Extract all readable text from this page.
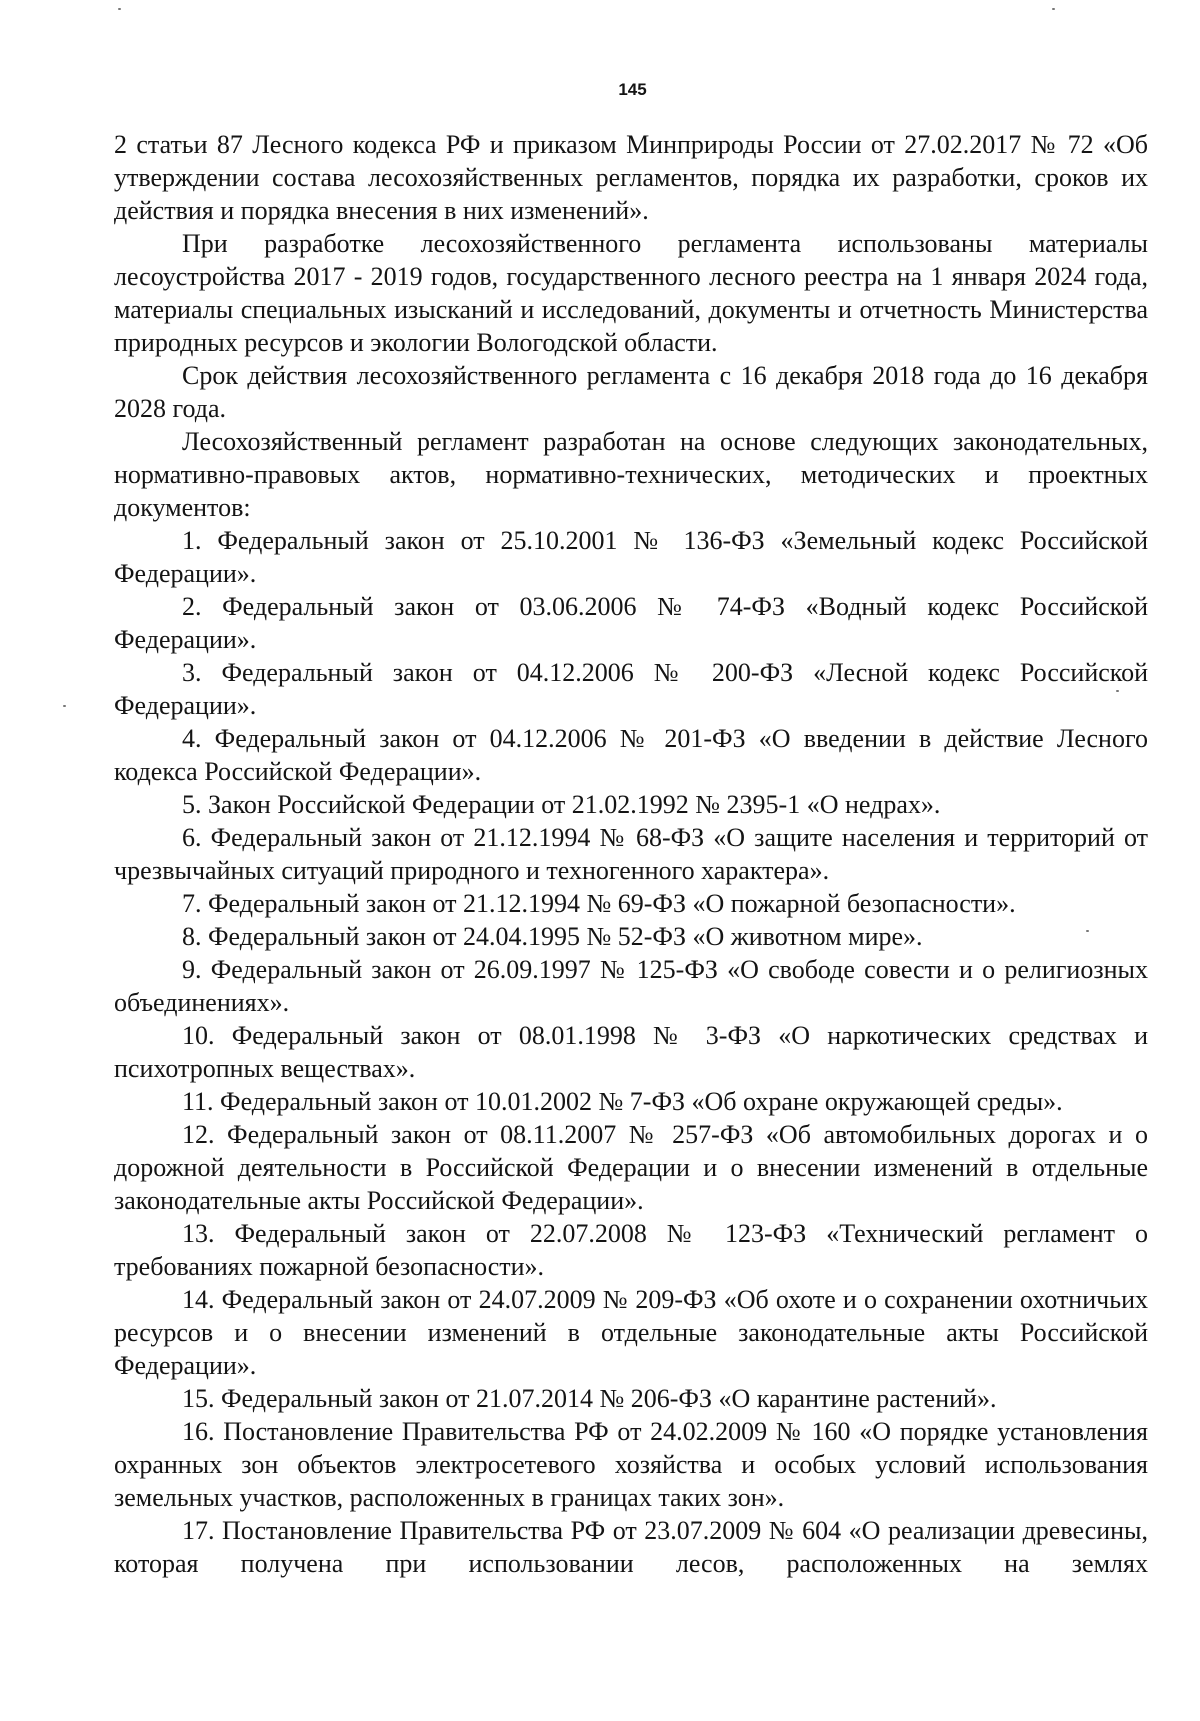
145

2 статьи 87 Лесного кодекса РФ и приказом Минприроды России от 27.02.2017 № 72 «Об утверждении состава лесохозяйственных регламентов, порядка их разработки, сроков их действия и порядка внесения в них изменений».

При разработке лесохозяйственного регламента использованы материалы лесоустройства 2017 - 2019 годов, государственного лесного реестра на 1 января 2024 года, материалы специальных изысканий и исследований, документы и отчетность Министерства природных ресурсов и экологии Вологодской области.

Срок действия лесохозяйственного регламента с 16 декабря 2018 года до 16 декабря 2028 года.

Лесохозяйственный регламент разработан на основе следующих законодательных, нормативно-правовых актов, нормативно-технических, методических и проектных документов:

1. Федеральный закон от 25.10.2001 № 136-ФЗ «Земельный кодекс Российской Федерации».

2. Федеральный закон от 03.06.2006 № 74-ФЗ «Водный кодекс Российской Федерации».

3. Федеральный закон от 04.12.2006 № 200-ФЗ «Лесной кодекс Российской Федерации».

4. Федеральный закон от 04.12.2006 № 201-ФЗ «О введении в действие Лесного кодекса Российской Федерации».

5. Закон Российской Федерации от 21.02.1992 № 2395-1 «О недрах».

6. Федеральный закон от 21.12.1994 № 68-ФЗ «О защите населения и территорий от чрезвычайных ситуаций природного и техногенного характера».

7. Федеральный закон от 21.12.1994 № 69-ФЗ «О пожарной безопасности».

8. Федеральный закон от 24.04.1995 № 52-ФЗ «О животном мире».

9. Федеральный закон от 26.09.1997 № 125-ФЗ «О свободе совести и о религиозных объединениях».

10. Федеральный закон от 08.01.1998 № 3-ФЗ «О наркотических средствах и психотропных веществах».

11. Федеральный закон от 10.01.2002 № 7-ФЗ «Об охране окружающей среды».

12. Федеральный закон от 08.11.2007 № 257-ФЗ «Об автомобильных дорогах и о дорожной деятельности в Российской Федерации и о внесении изменений в отдельные законодательные акты Российской Федерации».

13. Федеральный закон от 22.07.2008 № 123-ФЗ «Технический регламент о требованиях пожарной безопасности».

14. Федеральный закон от 24.07.2009 № 209-ФЗ «Об охоте и о сохранении охотничьих ресурсов и о внесении изменений в отдельные законодательные акты Российской Федерации».

15. Федеральный закон от 21.07.2014 № 206-ФЗ «О карантине растений».

16. Постановление Правительства РФ от 24.02.2009 № 160 «О порядке установления охранных зон объектов электросетевого хозяйства и особых условий использования земельных участков, расположенных в границах таких зон».

17. Постановление Правительства РФ от 23.07.2009 № 604 «О реализации древесины, которая получена при использовании лесов, расположенных на землях
